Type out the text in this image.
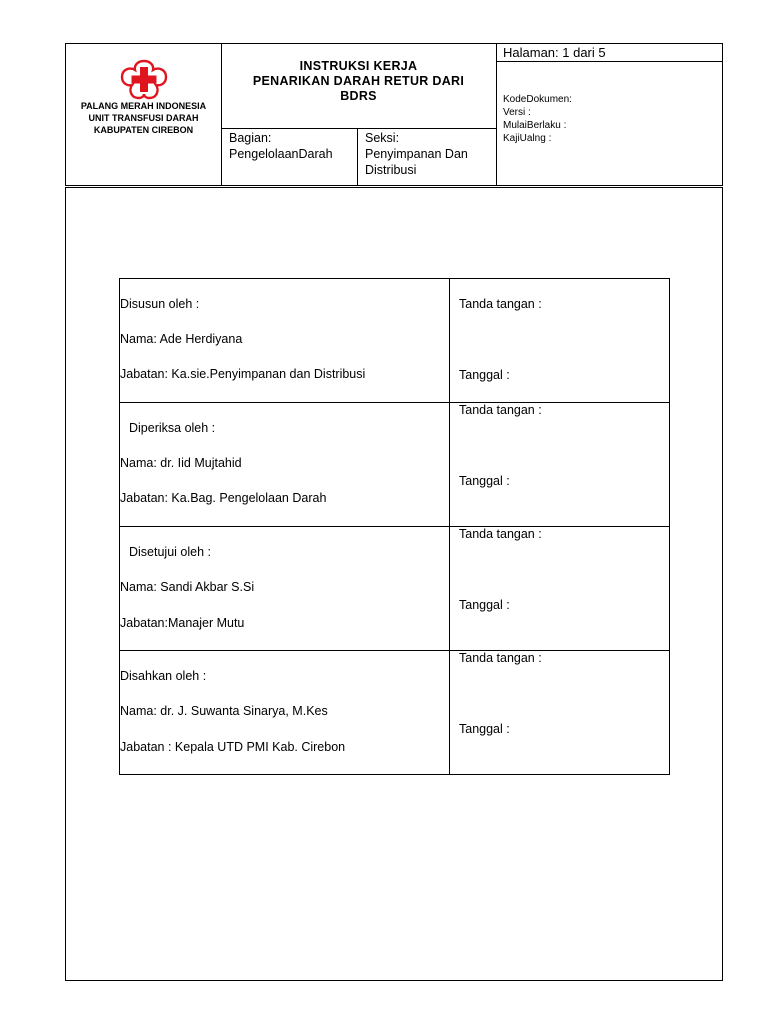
PALANG MERAH INDONESIA
UNIT TRANSFUSI DARAH
KABUPATEN CIREBON
INSTRUKSI KERJA
PENARIKAN DARAH RETUR DARI
BDRS
Halaman: 1 dari 5
KodeDokumen:
Versi :
MulaiBerlaku :
KajiUalng :
Bagian:
PengelolaanDarah
Seksi:
Penyimpanan Dan
Distribusi
Disusun oleh :
Nama: Ade Herdiyana
Jabatan: Ka.sie.Penyimpanan dan Distribusi
Tanda tangan :
Tanggal :
Diperiksa oleh :
Nama: dr. Iid Mujtahid
Jabatan: Ka.Bag. Pengelolaan Darah
Tanda tangan :
Tanggal :
Disetujui oleh :
Nama: Sandi Akbar S.Si
Jabatan:Manajer Mutu
Tanda tangan :
Tanggal :
Disahkan oleh :
Nama: dr. J. Suwanta Sinarya, M.Kes
Jabatan : Kepala UTD PMI Kab. Cirebon
Tanda tangan :
Tanggal :
